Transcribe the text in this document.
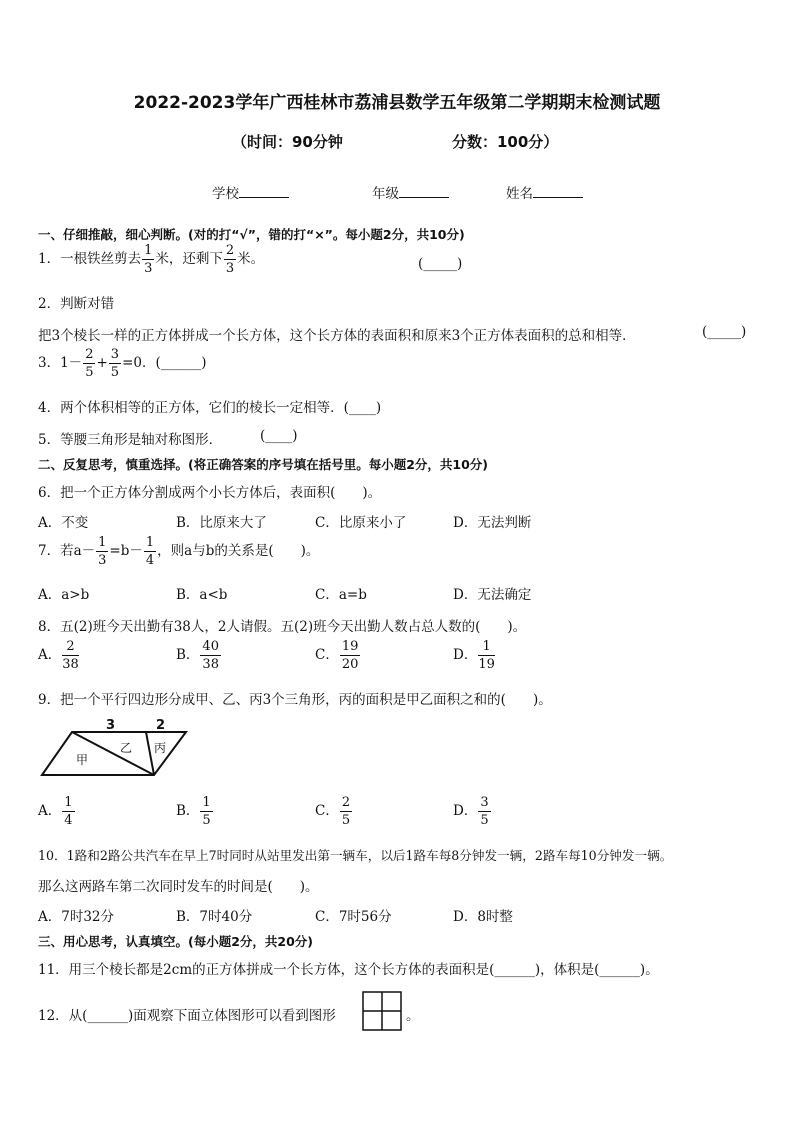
2022-2023学年广西桂林市荔浦县数学五年级第二学期期末检测试题
（时间：90分钟	分数：100分）
学校	年级	姓名
一、仔细推敲，细心判断。(对的打“√”，错的打“×”。每小题2分，共10分)
1．一根铁丝剪去 $\frac{1}{3}$ 米，还剩下 $\frac{2}{3}$ 米。	(_____)
2．判断对错
把3个棱长一样的正方体拼成一个长方体，这个长方体的表面积和原来3个正方体表面积的总和相等．	(_____)
3．$1- \frac{2}{5} + \frac{3}{5} =0$．(______)
4．两个体积相等的正方体，它们的棱长一定相等．(____)
5．等腰三角形是轴对称图形．	(____)
二、反复思考，慎重选择。(将正确答案的序号填在括号里。每小题2分，共10分)
6．把一个正方体分割成两个小长方体后，表面积(　　)。
A．不变	B．比原来大了	C．比原来小了	D．无法判断
7．若$a- \frac{1}{3} =b- \frac{1}{4}$ ，则a与b的关系是(　　)。
A．a>b	B．a<b	C．a=b	D．无法确定
8．五(2)班今天出勤有38人，2人请假。五(2)班今天出勤人数占总人数的(　　)。
A． $\frac{2}{38}$	B． $\frac{40}{38}$	C． $\frac{19}{20}$	D． $\frac{1}{19}$
9．把一个平行四边形分成甲、乙、丙3个三角形，丙的面积是甲乙面积之和的(　　)。
3	2
甲
乙 丙
A． $\frac{1}{4}$	B． $\frac{1}{5}$	C． $\frac{2}{5}$	D． $\frac{3}{5}$
10．1路和2路公共汽车在早上7时同时从站里发出第一辆车，以后1路车每8分钟发一辆，2路车每10分钟发一辆。
那么这两路车第二次同时发车的时间是(　　)。
A．7时32分	B．7时40分	C．7时56分	D．8时整
三、用心思考，认真填空。(每小题2分，共20分)
11．用三个棱长都是2cm的正方体拼成一个长方体，这个长方体的表面积是(______)，体积是(______)。
12．从(______)面观察下面立体图形可以看到图形	。
